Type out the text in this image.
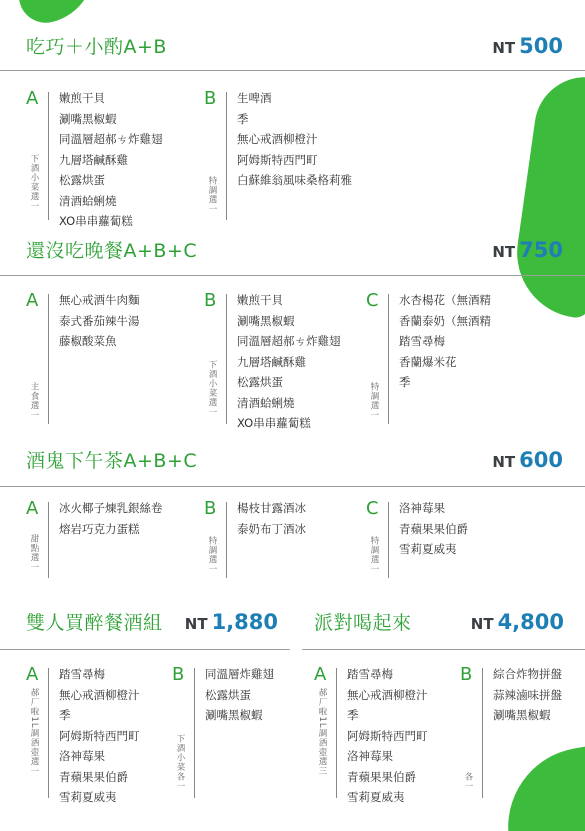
吃巧＋小酌A+B	NT 500
A
下酒小菜選一
嫩煎干貝
涮嘴黑椒蝦
同溫層超郝ㄘ炸雞翅
九層塔鹹酥雞
松露烘蛋
清酒蛤蜊燒
XO串串蘿蔔糕
B
特調選一
生啤酒
季
無心戒酒柳橙汁
阿姆斯特西門町
白蘇維翁風味桑格莉雅
還沒吃晚餐A+B+C	NT 750
A
主食選一
無心戒酒牛肉麵
泰式番茄辣牛湯
藤椒酸菜魚
B
下酒小菜選一
嫩煎干貝
涮嘴黑椒蝦
同溫層超郝ㄘ炸雞翅
九層塔鹹酥雞
松露烘蛋
清酒蛤蜊燒
XO串串蘿蔔糕
C
特調選一
水杏楊花（無酒精
香蘭泰奶（無酒精
踏雪尋梅
香蘭爆米花
季
酒鬼下午茶A+B+C	NT 600
A
甜點選一
冰火椰子煉乳銀絲卷
熔岩巧克力蛋糕
B
特調選一
楊枝甘露酒冰
泰奶布丁酒冰
C
特調選一
洛神莓果
青蘋果果伯爵
雪莉夏威夷
雙人買醉餐酒組 NT 1,880
A
郝厂啦1L調酒壺選一
踏雪尋梅
無心戒酒柳橙汁
季
阿姆斯特西門町
洛神莓果
青蘋果果伯爵
雪莉夏威夷
B
下酒小菜各一
同溫層炸雞翅
松露烘蛋
涮嘴黑椒蝦
派對喝起來	NT 4,800
A
郝厂啦1L調酒壺選三
踏雪尋梅
無心戒酒柳橙汁
季
阿姆斯特西門町
洛神莓果
青蘋果果伯爵
雪莉夏威夷
B
各一
綜合炸物拼盤
蒜辣滷味拼盤
涮嘴黑椒蝦
